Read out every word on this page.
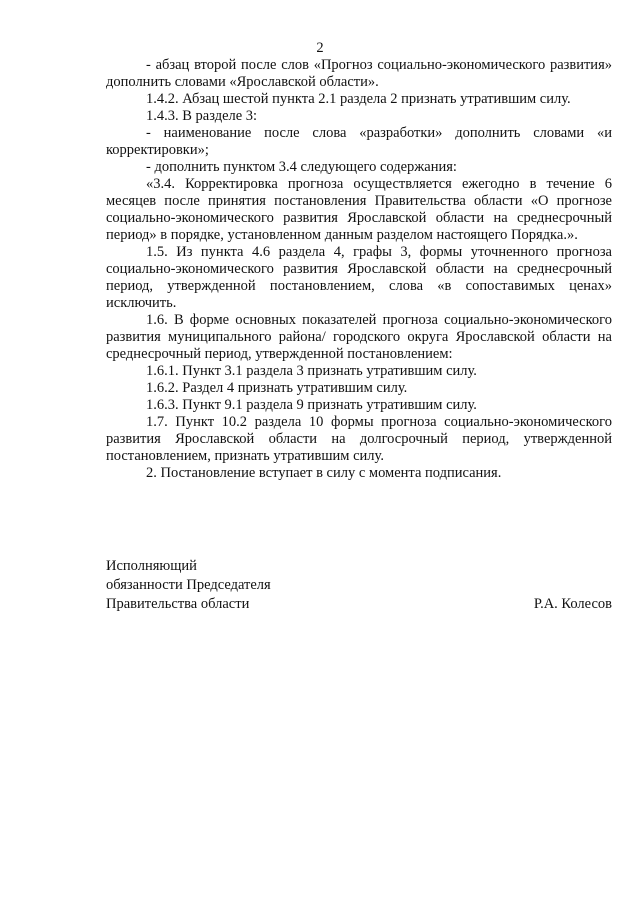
2

- абзац второй после слов «Прогноз социально-экономического развития» дополнить словами «Ярославской области».

1.4.2. Абзац шестой пункта 2.1 раздела 2 признать утратившим силу.

1.4.3. В разделе 3:

- наименование после слова «разработки» дополнить словами «и корректировки»;

- дополнить пунктом 3.4 следующего содержания:

«3.4. Корректировка прогноза осуществляется ежегодно в течение 6 месяцев после принятия постановления Правительства области «О прогнозе социально-экономического развития Ярославской области на среднесрочный период» в порядке, установленном данным разделом настоящего Порядка.».

1.5. Из пункта 4.6 раздела 4, графы 3, формы уточненного прогноза социально-экономического развития Ярославской области на среднесрочный период, утвержденной постановлением, слова «в сопоставимых ценах» исключить.

1.6. В форме основных показателей прогноза социально-экономического развития муниципального района/ городского округа Ярославской области на среднесрочный период, утвержденной постановлением:

1.6.1. Пункт 3.1 раздела 3 признать утратившим силу.

1.6.2. Раздел 4 признать утратившим силу.

1.6.3. Пункт 9.1 раздела 9 признать утратившим силу.

1.7. Пункт 10.2 раздела 10 формы прогноза социально-экономического развития Ярославской области на долгосрочный период, утвержденной постановлением, признать утратившим силу.

2. Постановление вступает в силу с момента подписания.

Исполняющий
обязанности Председателя
Правительства области	Р.А. Колесов
